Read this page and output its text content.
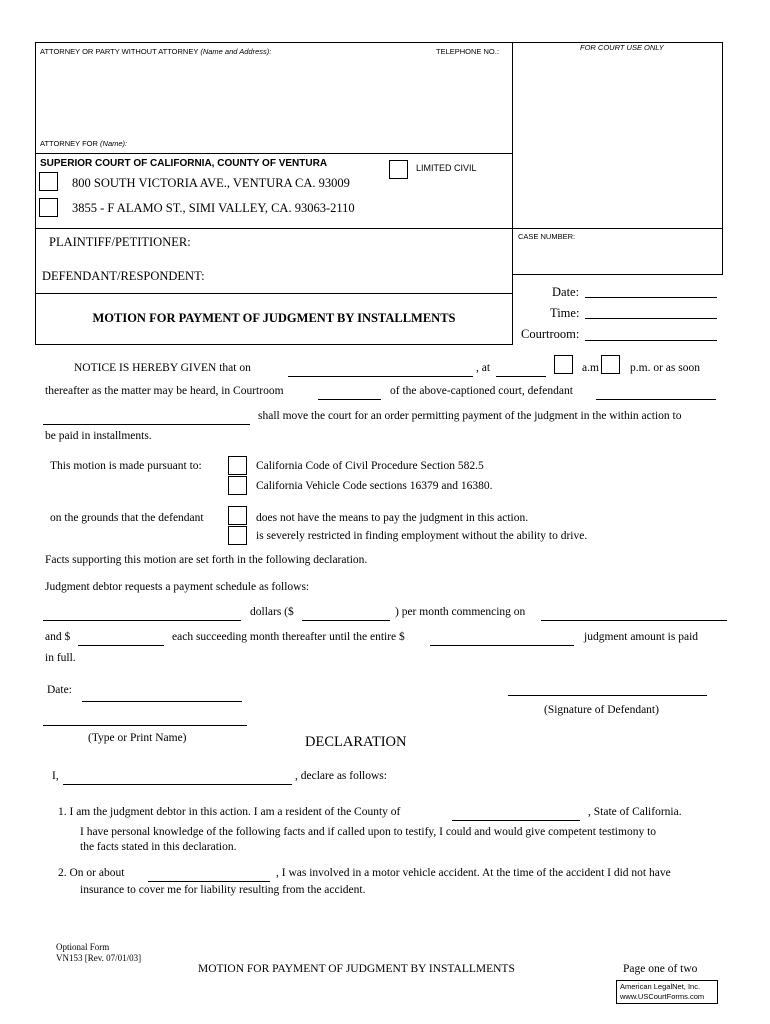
ATTORNEY OR PARTY WITHOUT ATTORNEY (Name and Address):	TELEPHONE NO.:	FOR COURT USE ONLY
ATTORNEY FOR (Name):
SUPERIOR COURT OF CALIFORNIA, COUNTY OF VENTURA	LIMITED CIVIL
800 SOUTH VICTORIA AVE., VENTURA CA. 93009
3855 - F ALAMO ST., SIMI VALLEY, CA. 93063-2110
PLAINTIFF/PETITIONER:
DEFENDANT/RESPONDENT:
CASE NUMBER:
MOTION FOR PAYMENT OF JUDGMENT BY INSTALLMENTS
Date:
Time:
Courtroom:
NOTICE IS HEREBY GIVEN that on	, at	a.m	p.m. or as soon
thereafter as the matter may be heard, in Courtroom	of the above-captioned court, defendant
shall move the court for an order permitting payment of the judgment in the within action to
be paid in installments.
This motion is made pursuant to:	California Code of Civil Procedure Section 582.5
California Vehicle Code sections 16379 and 16380.
on the grounds that the defendant	does not have the means to pay the judgment in this action.
is severely restricted in finding employment without the ability to drive.
Facts supporting this motion are set forth in the following declaration.
Judgment debtor requests a payment schedule as follows:
dollars ($	) per month commencing on
and $	each succeeding month thereafter until the entire $	judgment amount is paid
in full.
Date:
(Signature of Defendant)
(Type or Print Name)	DECLARATION
I,	, declare as follows:
1. I am the judgment debtor in this action. I am a resident of the County of	, State of California.
I have personal knowledge of the following facts and if called upon to testify, I could and would give competent testimony to
the facts stated in this declaration.
2. On or about	, I was involved in a motor vehicle accident. At the time of the accident I did not have
insurance to cover me for liability resulting from the accident.
Optional Form
VN153 [Rev. 07/01/03]
MOTION FOR PAYMENT OF JUDGMENT BY INSTALLMENTS	Page one of two
American LegalNet, Inc.
www.USCourtForms.com
